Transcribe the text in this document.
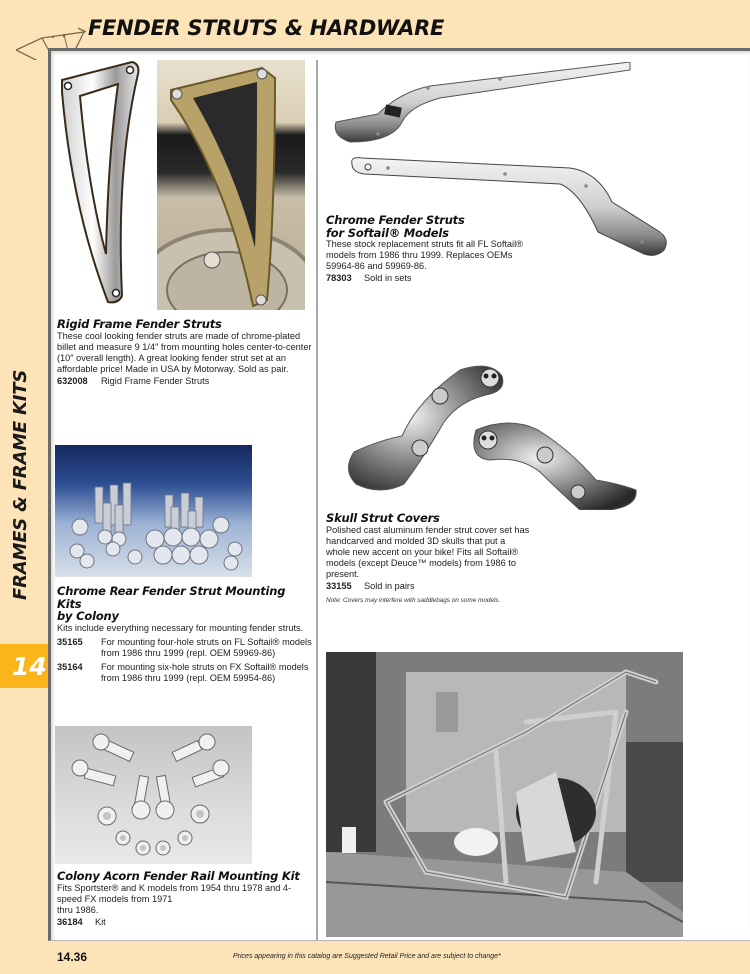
FENDER STRUTS & HARDWARE
FRAMES & FRAME KITS
14
Rigid Frame Fender Struts
These cool looking fender struts are made of chrome-plated billet and measure 9 1/4″ from mounting holes center-to-center (10″ overall length). A great looking fender strut set at an affordable price! Made in USA by Motorway. Sold as pair.
632008	Rigid Frame Fender Struts
Chrome Fender Struts
for Softail® Models
These stock replacement struts fit all FL Softail® models from 1986 thru 1999. Replaces OEMs 59964-86 and 59969-86.
78303	Sold in sets
Skull Strut Covers
Polished cast aluminum fender strut cover set has handcarved and molded 3D skulls that put a whole new accent on your bike! Fits all Softail® models (except Deuce™ models) from 1986 to present.
33155	Sold in pairs
Note: Covers may interfere with saddlebags on some models.
Chrome Rear Fender Strut Mounting Kits
by Colony
Kits include everything necessary for mounting fender struts.
35165	For mounting four-hole struts on FL Softail® models from 1986 thru 1999 (repl. OEM 59969-86)
35164	For mounting six-hole struts on FX Softail® models from 1986 thru 1999 (repl. OEM 59954-86)
Colony Acorn Fender Rail Mounting Kit
Fits Sportster® and K models from 1954 thru 1978 and 4-speed FX models from 1971
thru 1986.
36184	Kit
14.36	Prices appearing in this catalog are Suggested Retail Price and are subject to change*
